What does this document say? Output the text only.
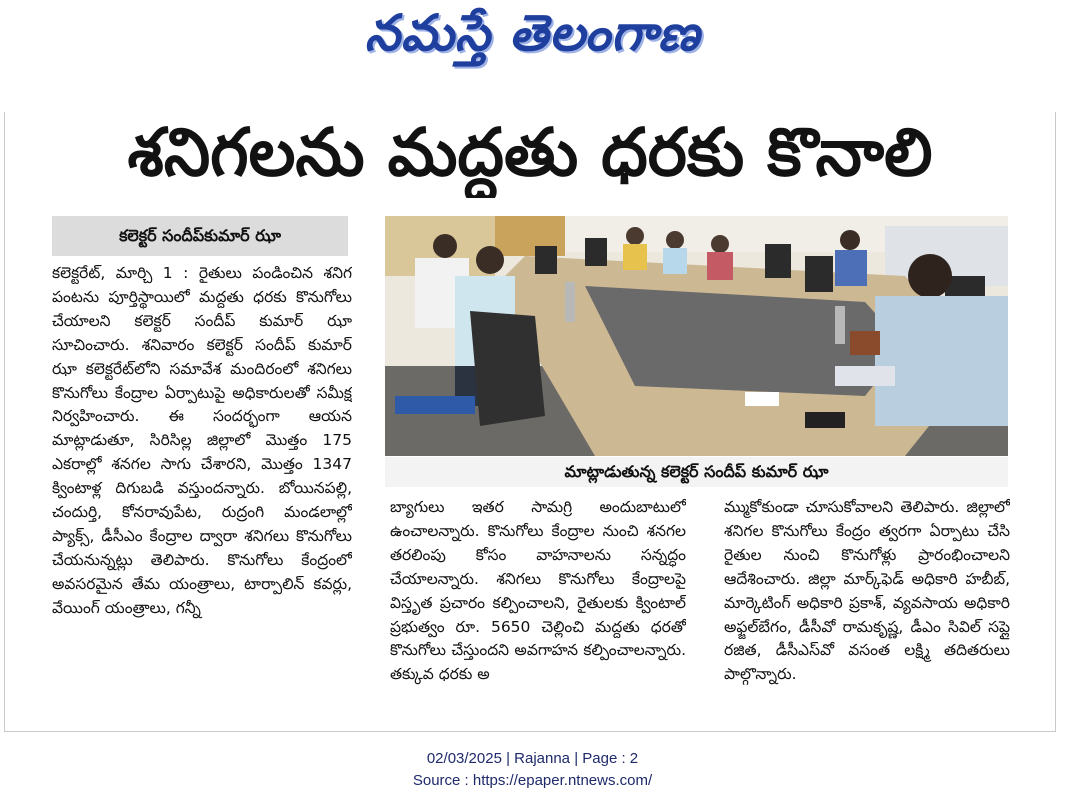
నమస్తే తెలంగాణ
శనిగలను మద్దతు ధరకు కొనాలి
కలెక్టర్ సందీప్‌కుమార్ ఝా

కలెక్టరేట్, మార్చి 1 : రైతులు పండించిన శనిగ పంటను పూర్తిస్థాయిలో మద్దతు ధరకు కొనుగోలు చేయాలని కలెక్టర్ సందీప్ కుమార్ ఝా సూచించారు. శనివారం కలెక్టర్ సందీప్ కుమార్ ఝా కలెక్టరేట్‌లోని సమావేశ మందిరంలో శనిగలు కొనుగోలు కేంద్రాల ఏర్పాటుపై అధికారులతో సమీక్ష నిర్వహించారు. ఈ సందర్భంగా ఆయన మాట్లాడుతూ, సిరిసిల్ల జిల్లాలో మొత్తం 175 ఎకరాల్లో శనగల సాగు చేశారని, మొత్తం 1347 క్వింటాళ్ల దిగుబడి వస్తుందన్నారు. బోయినపల్లి, చందుర్తి, కోనరావుపేట, రుద్రంగి మండలాల్లో ప్యాక్స్, డీసీఎం కేంద్రాల ద్వారా శనిగలు కొనుగోలు చేయనున్నట్లు తెలిపారు. కొనుగోలు కేంద్రంలో అవసరమైన తేమ యంత్రాలు, టార్పాలిన్ కవర్లు, వేయింగ్ యంత్రాలు, గన్నీ

మాట్లాడుతున్న కలెక్టర్ సందీప్ కుమార్ ఝా

బ్యాగులు ఇతర సామగ్రి అందుబాటులో ఉంచాలన్నారు. కొనుగోలు కేంద్రాల నుంచి శనగల తరలింపు కోసం వాహనాలను సన్నద్ధం చేయాలన్నారు. శనిగలు కొనుగోలు కేంద్రాలపై విస్తృత ప్రచారం కల్పించాలని, రైతులకు క్వింటాల్ ప్రభుత్వం రూ. 5650 చెల్లించి మద్దతు ధరతో కొనుగోలు చేస్తుందని అవగాహన కల్పించాలన్నారు. తక్కువ ధరకు అ

మ్ముకోకుండా చూసుకోవాలని తెలిపారు. జిల్లాలో శనిగల కొనుగోలు కేంద్రం త్వరగా ఏర్పాటు చేసి రైతుల నుంచి కొనుగోళ్లు ప్రారంభించాలని ఆదేశించారు. జిల్లా మార్క్‌ఫెడ్ అధికారి హబీబ్, మార్కెటింగ్ అధికారి ప్రకాశ్, వ్యవసాయ అధికారి అఫ్జల్‌బేగం, డీసీవో రామకృష్ణ, డీఎం సివిల్ సప్లై రజిత, డీసీఎస్‌వో వసంత లక్ష్మి తదితరులు పాల్గొన్నారు.

02/03/2025 | Rajanna | Page : 2
Source : https://epaper.ntnews.com/
